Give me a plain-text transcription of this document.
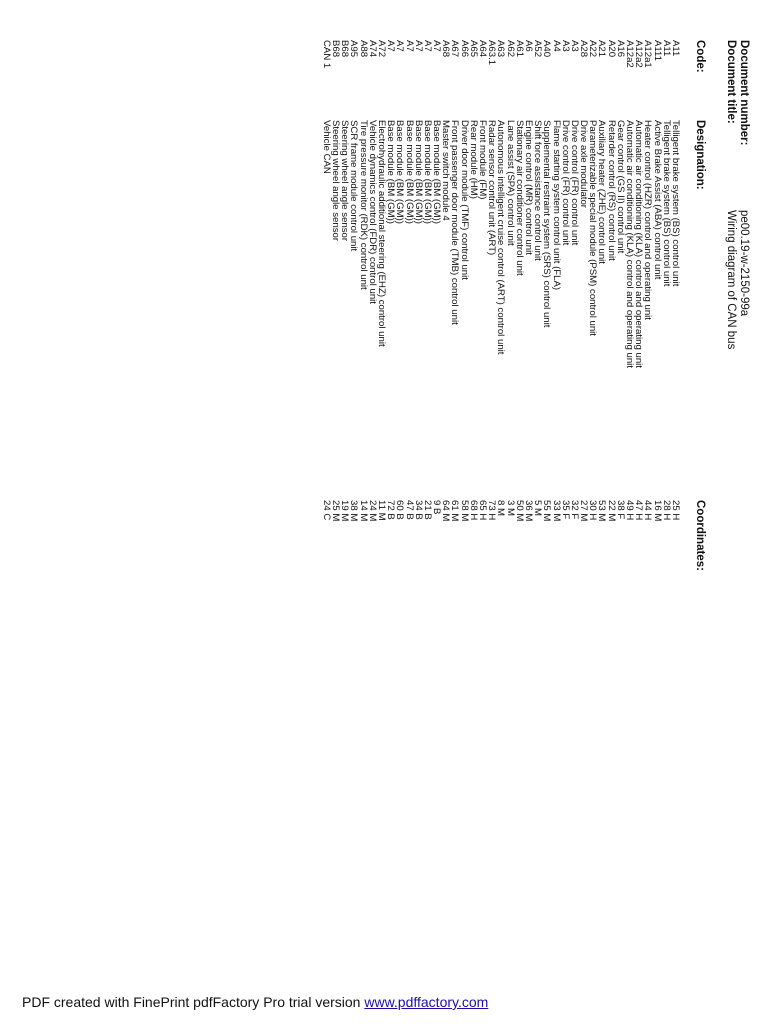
Document number:
pe00.19-w-2150-99a
Document title:
Wiring diagram of CAN bus
Code:
Designation:
Coordinates:
A11
Telligent brake system (BS) control unit
25 H
A11
Telligent brake system (BS) control unit
28 H
A111
Active Brake Assist (ABA) control unit
16 M
A12a1
Heater control (HZR) control and operating unit
44 H
A12a2
Automatic air conditioning (KLA) control and operating unit
47 H
A12a2
Automatic air conditioning (KLA) control and operating unit
49 H
A16
Gear control (GS II) control unit
38 F
A20
Retarder control (RS) control unit
22 M
A21
Auxiliary heater (ZHE) control unit
53 M
A22
Parameterizable special module (PSM) control unit
30 H
A28
Drive axle modulator
27 M
A3
Drive control (FR) control unit
32 F
A3
Drive control (FR) control unit
35 F
A4
Flame starting system control unit (FLA)
33 M
A40
Supplemental restraint system (SRS) control unit
55 M
A52
Shift force assistance control unit
5 M
A6
Engine control (MR) control unit
36 M
A61
Stationary air conditioner control unit
50 M
A62
Lane assist (SPA) control unit
3 M
A63
Autonomous intelligent cruise control (ART) control unit
8 M
A63.1
Radar sensor control unit (ART)
73 H
A64
Front module (FM)
65 H
A65
Rear module (HM)
68 H
A66
Driver door module (TMF) control unit
58 M
A67
Front passenger door module (TMB) control unit
61 M
A68
Master switch module 4
64 M
A7
Base module (BM (GM))
9 B
A7
Base module (BM (GM))
21 B
A7
Base module (BM (GM))
34 B
A7
Base module (BM (GM))
47 B
A7
Base module (BM (GM))
60 B
A7
Base module (BM (GM))
72 B
A72
Electrohydraulic additional steering (EHZ) control unit
11 M
A74
Vehicle dynamics control (FDR) control unit
24 M
A88
Tire pressure monitor (RDK) control unit
14 M
A95
SCR frame module control unit
38 M
B68
Steering wheel angle sensor
19 M
B68
Steering wheel angle sensor
25 M
CAN 1
Vehicle CAN
24 C
PDF created with FinePrint pdfFactory Pro trial version www.pdffactory.com
